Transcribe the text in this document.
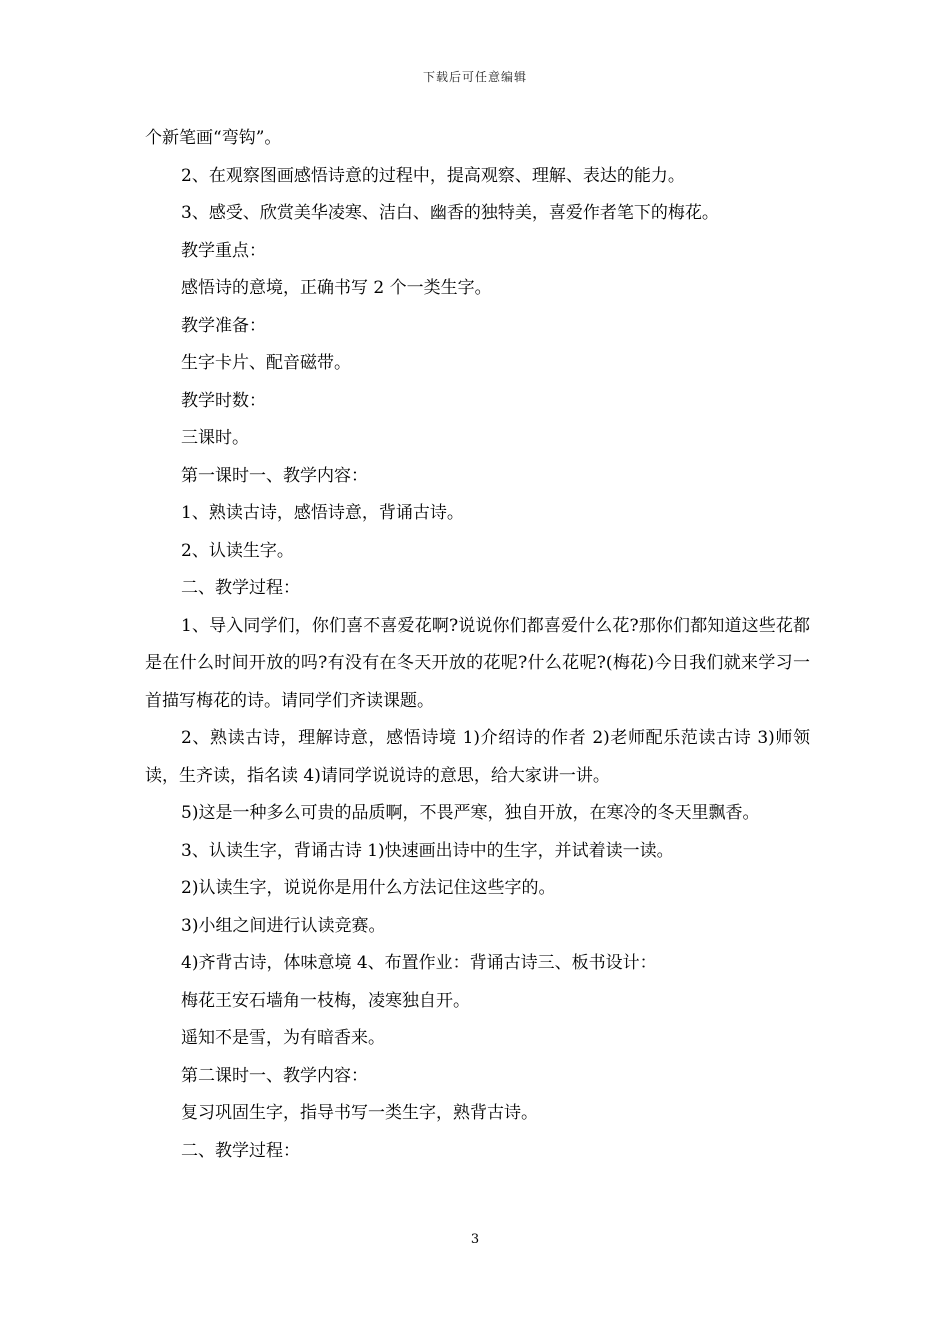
下载后可任意编辑

个新笔画“弯钩”。

2、在观察图画感悟诗意的过程中，提高观察、理解、表达的能力。

3、感受、欣赏美华凌寒、洁白、幽香的独特美，喜爱作者笔下的梅花。

教学重点：

感悟诗的意境，正确书写 2 个一类生字。

教学准备：

生字卡片、配音磁带。

教学时数：

三课时。

第一课时一、教学内容：

1、熟读古诗，感悟诗意，背诵古诗。

2、认读生字。

二、教学过程：

1、导入同学们，你们喜不喜爱花啊?说说你们都喜爱什么花?那你们都知道这些花都是在什么时间开放的吗?有没有在冬天开放的花呢?什么花呢?(梅花)今日我们就来学习一首描写梅花的诗。请同学们齐读课题。

2、熟读古诗，理解诗意，感悟诗境 1)介绍诗的作者 2)老师配乐范读古诗 3)师领读，生齐读，指名读 4)请同学说说诗的意思，给大家讲一讲。

5)这是一种多么可贵的品质啊，不畏严寒，独自开放，在寒冷的冬天里飘香。

3、认读生字，背诵古诗 1)快速画出诗中的生字，并试着读一读。

2)认读生字，说说你是用什么方法记住这些字的。

3)小组之间进行认读竞赛。

4)齐背古诗，体味意境 4、布置作业：背诵古诗三、板书设计：

梅花王安石墙角一枝梅，凌寒独自开。

遥知不是雪，为有暗香来。

第二课时一、教学内容：

复习巩固生字，指导书写一类生字，熟背古诗。

二、教学过程：

3
